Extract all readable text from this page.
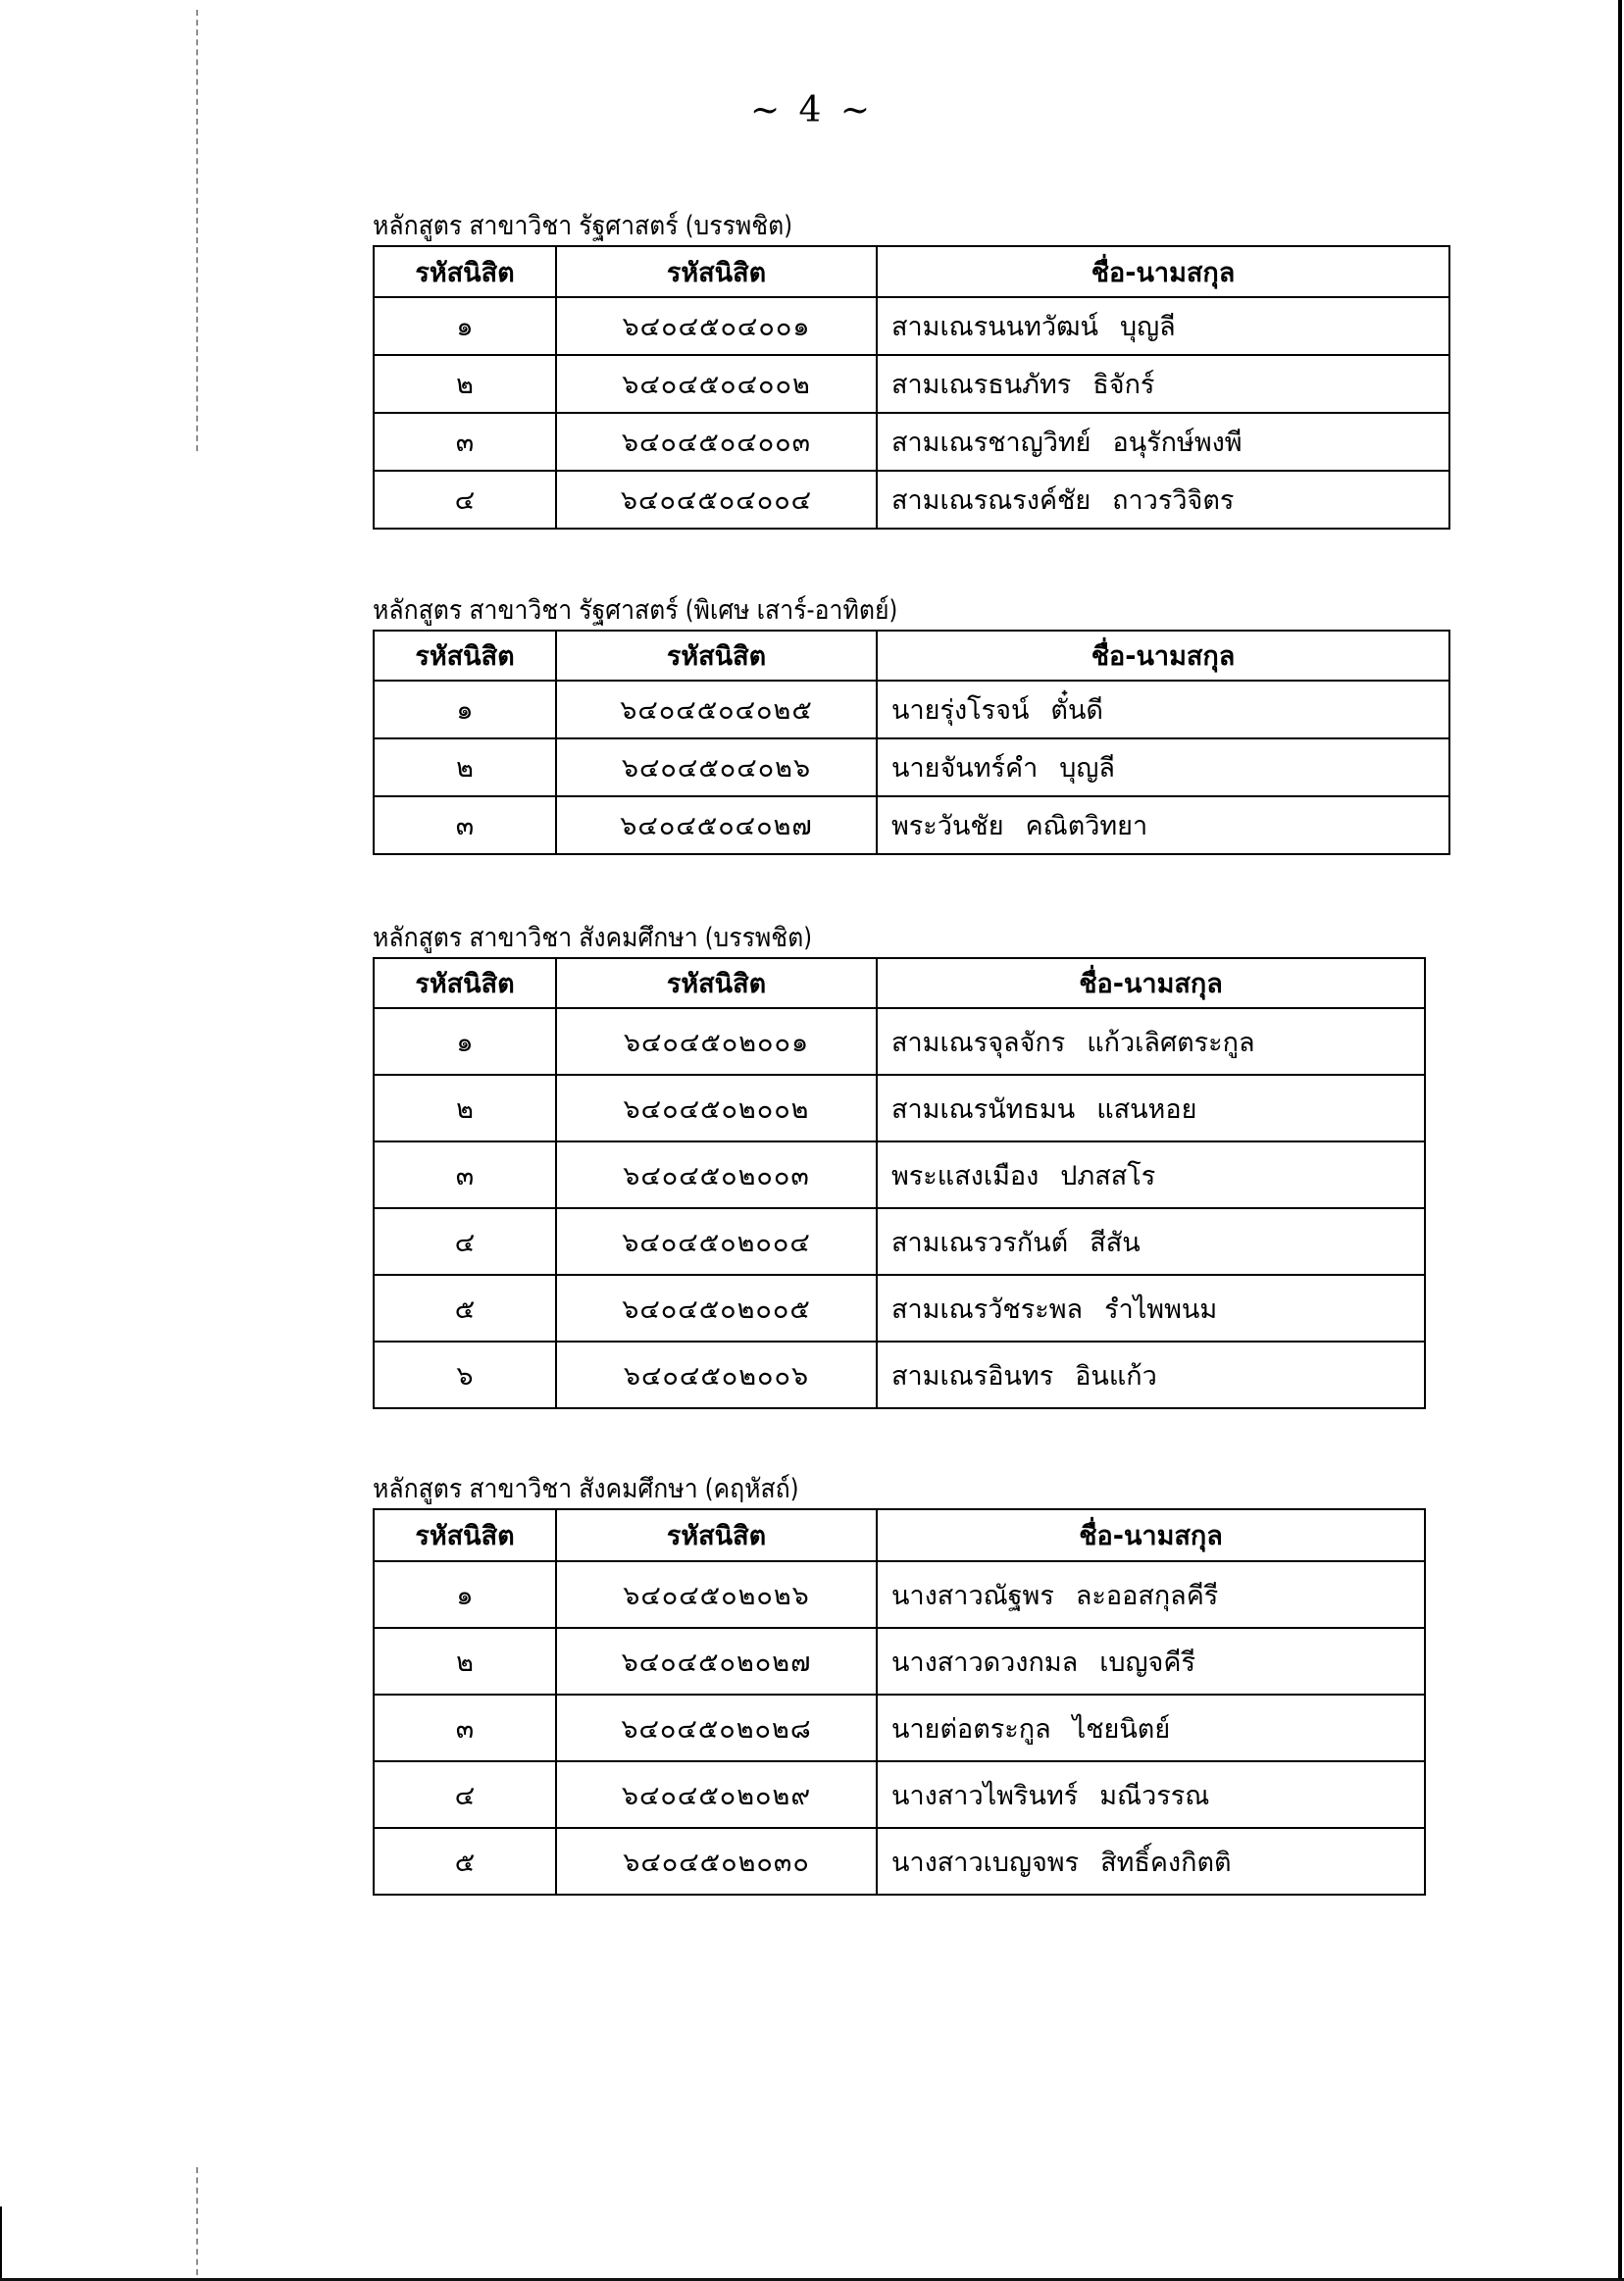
~ 4 ~
หลักสูตร สาขาวิชา รัฐศาสตร์ (บรรพชิต)
รหัสนิสิต	รหัสนิสิต	ชื่อ-นามสกุล
๑	๖๔๐๔๕๐๔๐๐๑	สามเณรนนทวัฒน์ บุญลี
๒	๖๔๐๔๕๐๔๐๐๒	สามเณรธนภัทร ธิจักร์
๓	๖๔๐๔๕๐๔๐๐๓	สามเณรชาญวิทย์ อนุรักษ์พงพี
๔	๖๔๐๔๕๐๔๐๐๔	สามเณรณรงค์ชัย ถาวรวิจิตร
หลักสูตร สาขาวิชา รัฐศาสตร์ (พิเศษ เสาร์-อาทิตย์)
รหัสนิสิต	รหัสนิสิต	ชื่อ-นามสกุล
๑	๖๔๐๔๕๐๔๐๒๕	นายรุ่งโรจน์ ตั๋นดี
๒	๖๔๐๔๕๐๔๐๒๖	นายจันทร์คำ บุญลี
๓	๖๔๐๔๕๐๔๐๒๗	พระวันชัย คณิตวิทยา
หลักสูตร สาขาวิชา สังคมศึกษา (บรรพชิต)
รหัสนิสิต	รหัสนิสิต	ชื่อ-นามสกุล
๑	๖๔๐๔๕๐๒๐๐๑	สามเณรจุลจักร แก้วเลิศตระกูล
๒	๖๔๐๔๕๐๒๐๐๒	สามเณรนัทธมน แสนหอย
๓	๖๔๐๔๕๐๒๐๐๓	พระแสงเมือง ปภสสโร
๔	๖๔๐๔๕๐๒๐๐๔	สามเณรวรกันต์ สีสัน
๕	๖๔๐๔๕๐๒๐๐๕	สามเณรวัชระพล รำไพพนม
๖	๖๔๐๔๕๐๒๐๐๖	สามเณรอินทร อินแก้ว
หลักสูตร สาขาวิชา สังคมศึกษา (คฤหัสถ์)
รหัสนิสิต	รหัสนิสิต	ชื่อ-นามสกุล
๑	๖๔๐๔๕๐๒๐๒๖	นางสาวณัฐพร ละออสกุลคีรี
๒	๖๔๐๔๕๐๒๐๒๗	นางสาวดวงกมล เบญจคีรี
๓	๖๔๐๔๕๐๒๐๒๘	นายต่อตระกูล ไชยนิตย์
๔	๖๔๐๔๕๐๒๐๒๙	นางสาวไพรินทร์ มณีวรรณ
๕	๖๔๐๔๕๐๒๐๓๐	นางสาวเบญจพร สิทธิ์คงกิตติ
